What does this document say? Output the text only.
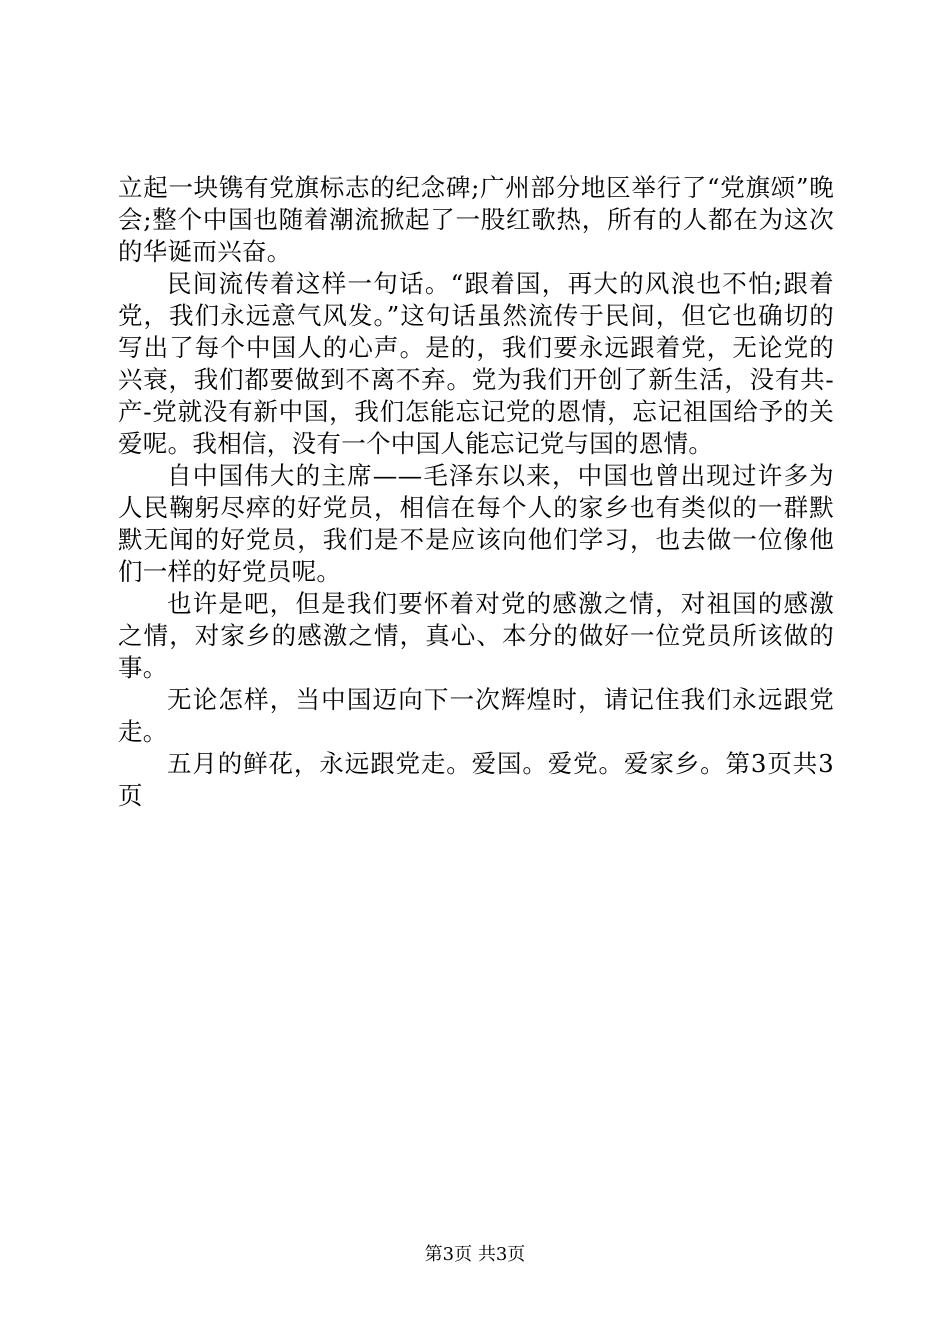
立起一块镌有党旗标志的纪念碑;广州部分地区举行了“党旗颂”晚会;整个中国也随着潮流掀起了一股红歌热，所有的人都在为这次的华诞而兴奋。

民间流传着这样一句话。“跟着国，再大的风浪也不怕;跟着党，我们永远意气风发。”这句话虽然流传于民间，但它也确切的写出了每个中国人的心声。是的，我们要永远跟着党，无论党的兴衰，我们都要做到不离不弃。党为我们开创了新生活，没有共-产-党就没有新中国，我们怎能忘记党的恩情，忘记祖国给予的关爱呢。我相信，没有一个中国人能忘记党与国的恩情。

自中国伟大的主席——毛泽东以来，中国也曾出现过许多为人民鞠躬尽瘁的好党员，相信在每个人的家乡也有类似的一群默默无闻的好党员，我们是不是应该向他们学习，也去做一位像他们一样的好党员呢。

也许是吧，但是我们要怀着对党的感激之情，对祖国的感激之情，对家乡的感激之情，真心、本分的做好一位党员所该做的事。

无论怎样，当中国迈向下一次辉煌时，请记住我们永远跟党走。

五月的鲜花，永远跟党走。爱国。爱党。爱家乡。第3页共3页

第3页 共3页
